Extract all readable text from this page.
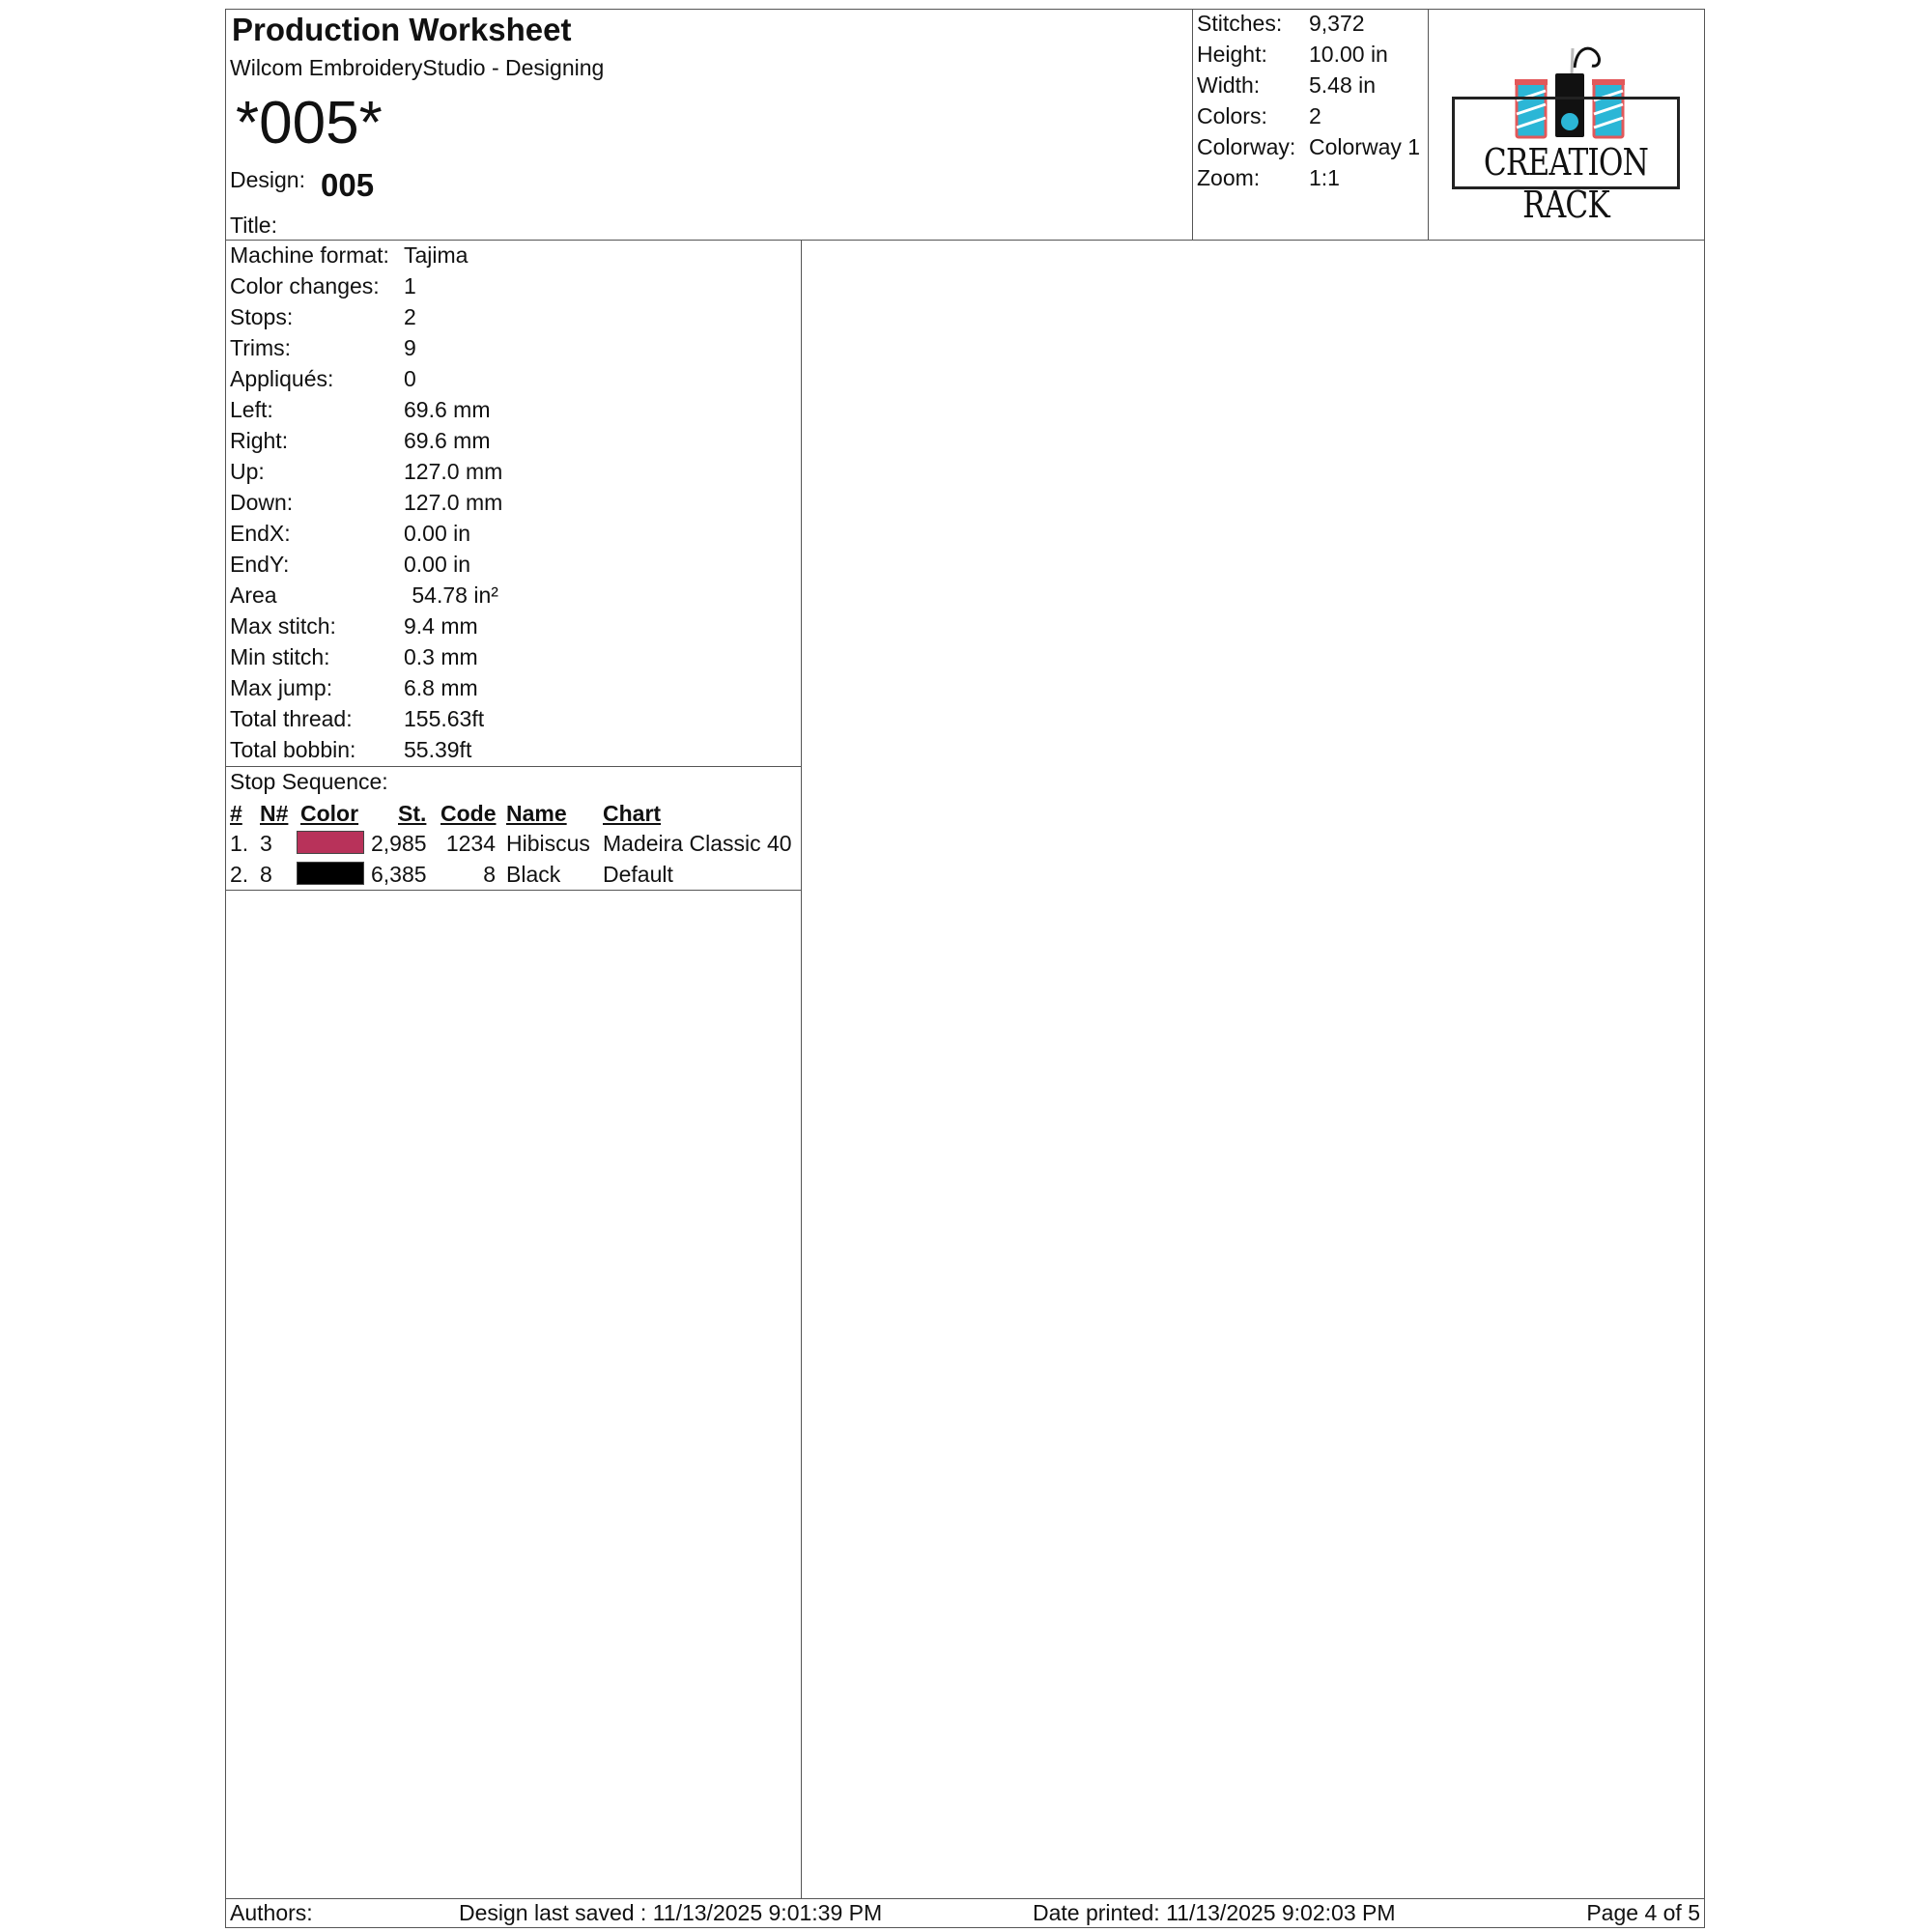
Production Worksheet
Wilcom EmbroideryStudio - Designing
*005*
Design: 005
Title:
Stitches: 9,372
Height: 10.00 in
Width: 5.48 in
Colors: 2
Colorway: Colorway 1
Zoom: 1:1	CREATION RACK
Machine format: Tajima
Color changes: 1
Stops:	2
Trims:	9
Appliqués:	0
Left:	69.6 mm
Right:	69.6 mm
Up:	127.0 mm
Down:	127.0 mm
EndX:	0.00 in
EndY:	0.00 in
Area	54.78 in²
Max stitch:	9.4 mm
Min stitch:	0.3 mm
Max jump:	6.8 mm
Total thread: 155.63ft
Total bobbin: 55.39ft
Stop Sequence:
# N# Color St. Code Name Chart
1. 3	2,985 1234 Hibiscus Madeira Classic 40
2. 8	6,385	8 Black Default
Authors:	Design last saved : 11/13/2025 9:01:39 PM	Date printed: 11/13/2025 9:02:03 PM	Page 4 of 5
